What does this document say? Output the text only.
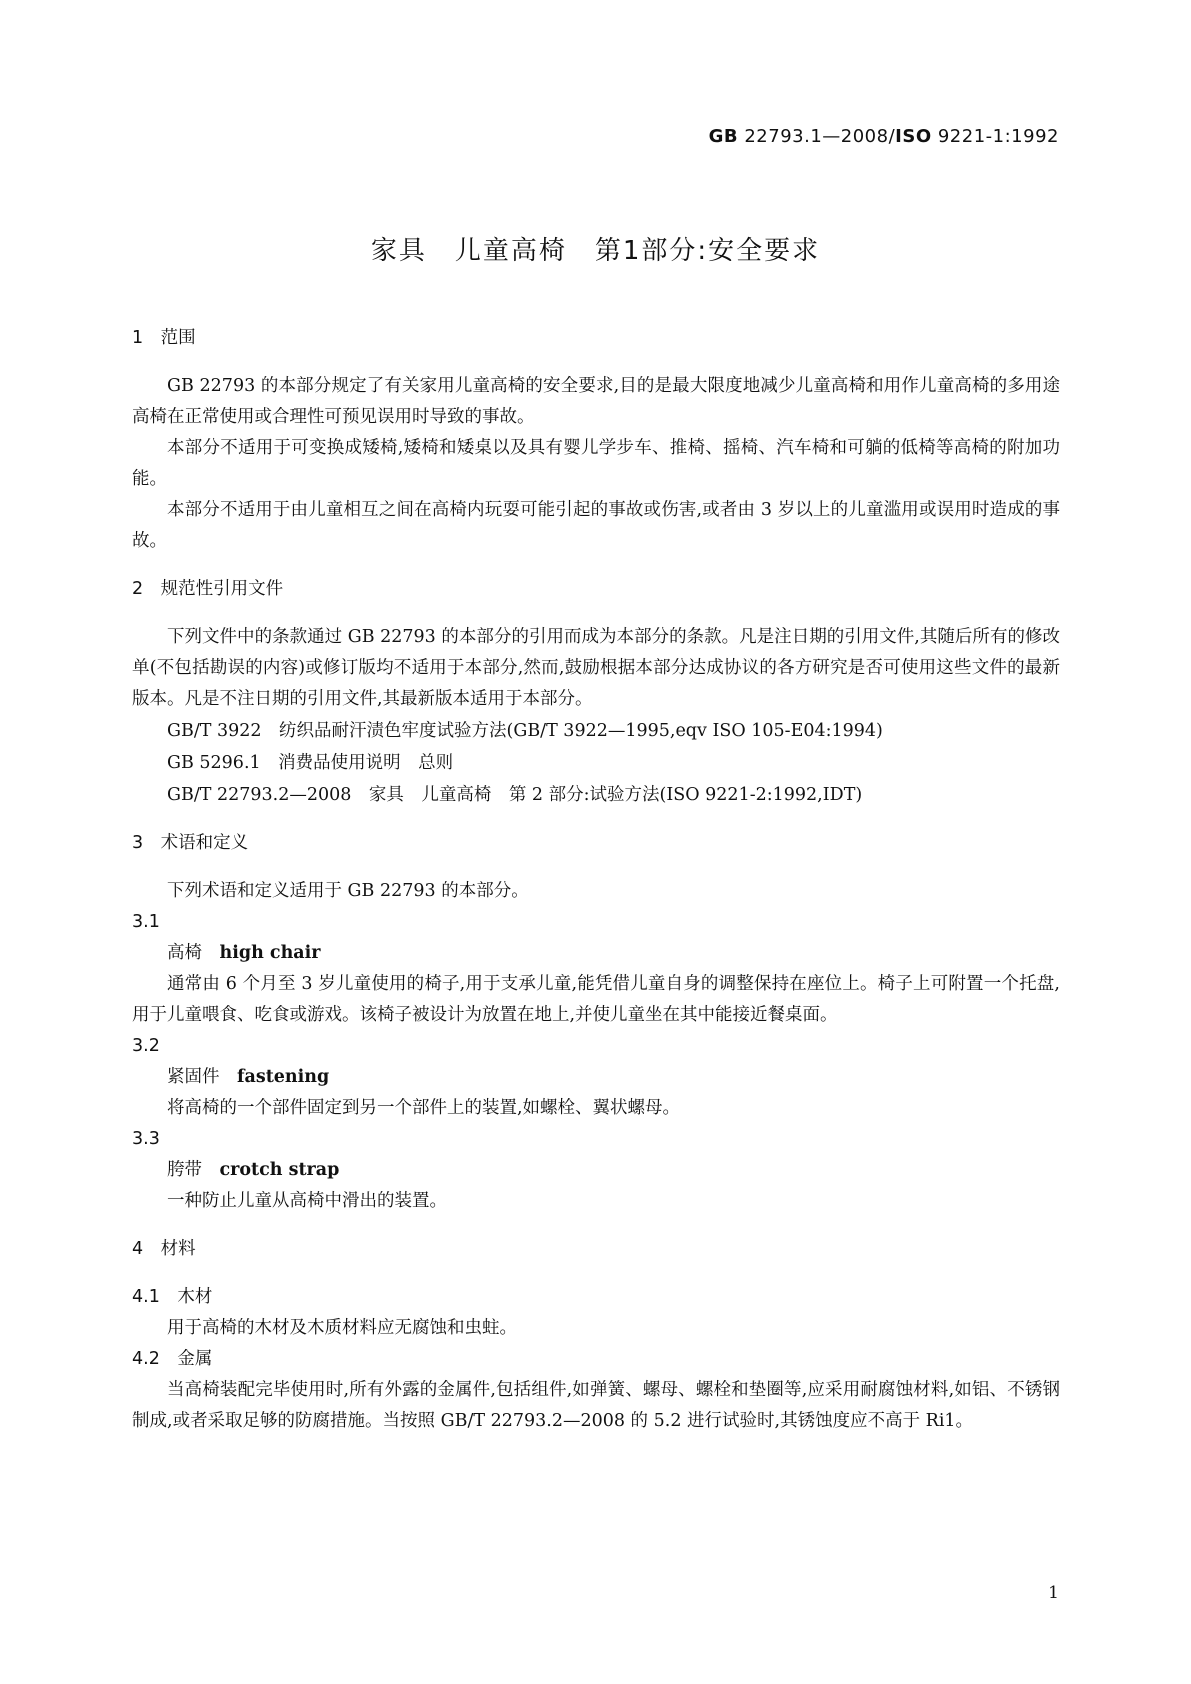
GB 22793.1—2008/ISO 9221-1:1992
家具　儿童高椅　第1部分:安全要求
1　范围

GB 22793 的本部分规定了有关家用儿童高椅的安全要求,目的是最大限度地减少儿童高椅和用作儿童高椅的多用途高椅在正常使用或合理性可预见误用时导致的事故。

本部分不适用于可变换成矮椅,矮椅和矮桌以及具有婴儿学步车、推椅、摇椅、汽车椅和可躺的低椅等高椅的附加功能。

本部分不适用于由儿童相互之间在高椅内玩耍可能引起的事故或伤害,或者由 3 岁以上的儿童滥用或误用时造成的事故。

2　规范性引用文件

下列文件中的条款通过 GB 22793 的本部分的引用而成为本部分的条款。凡是注日期的引用文件,其随后所有的修改单(不包括勘误的内容)或修订版均不适用于本部分,然而,鼓励根据本部分达成协议的各方研究是否可使用这些文件的最新版本。凡是不注日期的引用文件,其最新版本适用于本部分。

GB/T 3922　纺织品耐汗渍色牢度试验方法(GB/T 3922—1995,eqv ISO 105-E04:1994)

GB 5296.1　消费品使用说明　总则

GB/T 22793.2—2008　家具　儿童高椅　第 2 部分:试验方法(ISO 9221-2:1992,IDT)

3　术语和定义

下列术语和定义适用于 GB 22793 的本部分。

3.1

高椅　 high chair

通常由 6 个月至 3 岁儿童使用的椅子,用于支承儿童,能凭借儿童自身的调整保持在座位上。椅子上可附置一个托盘,用于儿童喂食、吃食或游戏。该椅子被设计为放置在地上,并使儿童坐在其中能接近餐桌面。

3.2

紧固件　 fastening

将高椅的一个部件固定到另一个部件上的装置,如螺栓、翼状螺母。

3.3

胯带　 crotch strap

一种防止儿童从高椅中滑出的装置。

4　材料

4.1　木材

用于高椅的木材及木质材料应无腐蚀和虫蛀。

4.2　金属

当高椅装配完毕使用时,所有外露的金属件,包括组件,如弹簧、螺母、螺栓和垫圈等,应采用耐腐蚀材料,如铝、不锈钢制成,或者采取足够的防腐措施。当按照 GB/T 22793.2—2008 的 5.2 进行试验时,其锈蚀度应不高于 Ri1。

1
